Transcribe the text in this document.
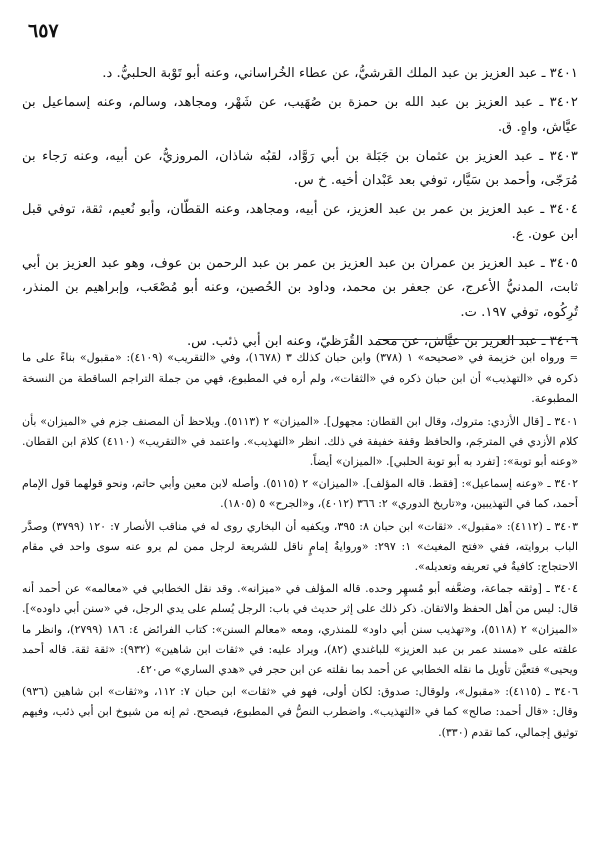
٦٥٧

٣٤٠١ ـ عبد العزيز بن عبد الملك القرشيُّ، عن عطاء الخُراساني، وعنه أبو تَوْبة الحلبيُّ. د.

٣٤٠٢ ـ عبد العزيز بن عبد الله بن حمزة بن صُهَيب، عن شَهْر، ومجاهد، وسالم، وعنه إسماعيل بن عيَّاش، واهٍ. ق.

٣٤٠٣ ـ عبد العزيز بن عثمان بن جَبَلة بن أبي رَوَّاد، لقبُه شاذان، المروزيُّ، عن أبيه، وعنه رَجاء بن مُرَجّى، وأحمد بن سَيَّار، توفي بعد عَبْدان أخيه. خ س.

٣٤٠٤ ـ عبد العزيز بن عمر بن عبد العزيز، عن أبيه، ومجاهد، وعنه القطّان، وأبو نُعيم، ثقة، توفي قبل ابن عون. ع.

٣٤٠٥ ـ عبد العزيز بن عمران بن عبد العزيز بن عمر بن عبد الرحمن بن عوف، وهو عبد العزيز بن أبي ثابت، المدنيُّ الأعرج، عن جعفر بن محمد، وداود بن الحُصين، وعنه أبو مُصْعَب، وإبراهيم بن المنذر، تُرِكُوه، توفي ١٩٧. ت.

٣٤٠٦ ـ عبد العزيز بن عيَّاش، عن محمد القُرَظيّ، وعنه ابن أبي ذئب. س.

= ورواه ابن خزيمة في «صحيحه» ١ (٣٧٨) وابن حبان كذلك ٣ (١٦٧٨)، وفي «التقريب» (٤١٠٩): «مقبول» بناءً على ما ذكره في «التهذيب» أن ابن حبان ذكره في «الثقات»، ولم أره في المطبوع، فهي من جملة التراجم الساقطة من النسخة المطبوعة.

٣٤٠١ ـ [قال الأزدي: متروك، وقال ابن القطان: مجهول]. «الميزان» ٢ (٥١١٣). ويلاحظ أن المصنف جزم في «الميزان» بأن كلام الأزدي في المترجَم، والحافظ وقفة خفيفة في ذلك. انظر «التهذيب». واعتمد في «التقريب» (٤١١٠) كلامَ ابن القطان. «وعنه أبو توبة»: [تفرد به أبو توبة الحلبي]. «الميزان» أيضاً.

٣٤٠٢ ـ «وعنه إسماعيل»: [فقط. قاله المؤلف]. «الميزان» ٢ (٥١١٥). وأصله لابن معين وأبي حاتم، ونحو قولهما قول الإمام أحمد، كما في التهذيبين، و«تاريخ الدوري» ٢: ٣٦٦ (٤٠١٢)، و«الجرح» ٥ (١٨٠٥).

٣٤٠٣ ـ (٤١١٢): «مقبول». «ثقات» ابن حبان ٨: ٣٩٥، ويكفيه أن البخاري روى له في مناقب الأنصار ٧: ١٢٠ (٣٧٩٩) وصدَّر الباب بروايته، ففي «فتح المغيث» ١: ٢٩٧: «وروايةُ إمامٍ ناقل للشريعة لرجل ممن لم يرو عنه سوى واحد في مقام الاحتجاج: كافيةٌ في تعريفه وتعديله».

٣٤٠٤ ـ [وثقه جماعة، وضعَّفه أبو مُسهِر وحده. قاله المؤلف في «ميزانه». وقد نقل الخطابي في «معالمه» عن أحمد أنه قال: ليس من أهل الحفظ والاتقان. ذكر ذلك على إثر حديث في باب: الرجل يُسلم على يدي الرجل، في «سنن أبي داوده»]. «الميزان» ٢ (٥١١٨)، و«تهذيب سنن أبي داود» للمنذري، ومعه «معالم السنن»: كتاب الفرائض ٤: ١٨٦ (٢٧٩٩)، وانظر ما علقته على «مسند عمر بن عبد العزيز» للباغندي (٨٢)، ويراد عليه: في «ثقات ابن شاهين» (٩٣٢): «ثقة ثقة. قاله أحمد ويحيى» فتعيَّن تأويل ما نقله الخطابي عن أحمد بما نقلته عن ابن حجر في «هدي الساري» ص٤٢٠.

٣٤٠٦ ـ (٤١١٥): «مقبول»، ولوقال: صدوق: لكان أولى، فهو في «ثقات» ابن حبان ٧: ١١٢، و«ثقات» ابن شاهين (٩٣٦) وقال: «قال أحمد: صالح» كما في «التهذيب». واضطرب النصُّ في المطبوع، فيصحح. ثم إنه من شيوخ ابن أبي ذئب، وفيهم توثيق إجمالي، كما تقدم (٣٣٠).
